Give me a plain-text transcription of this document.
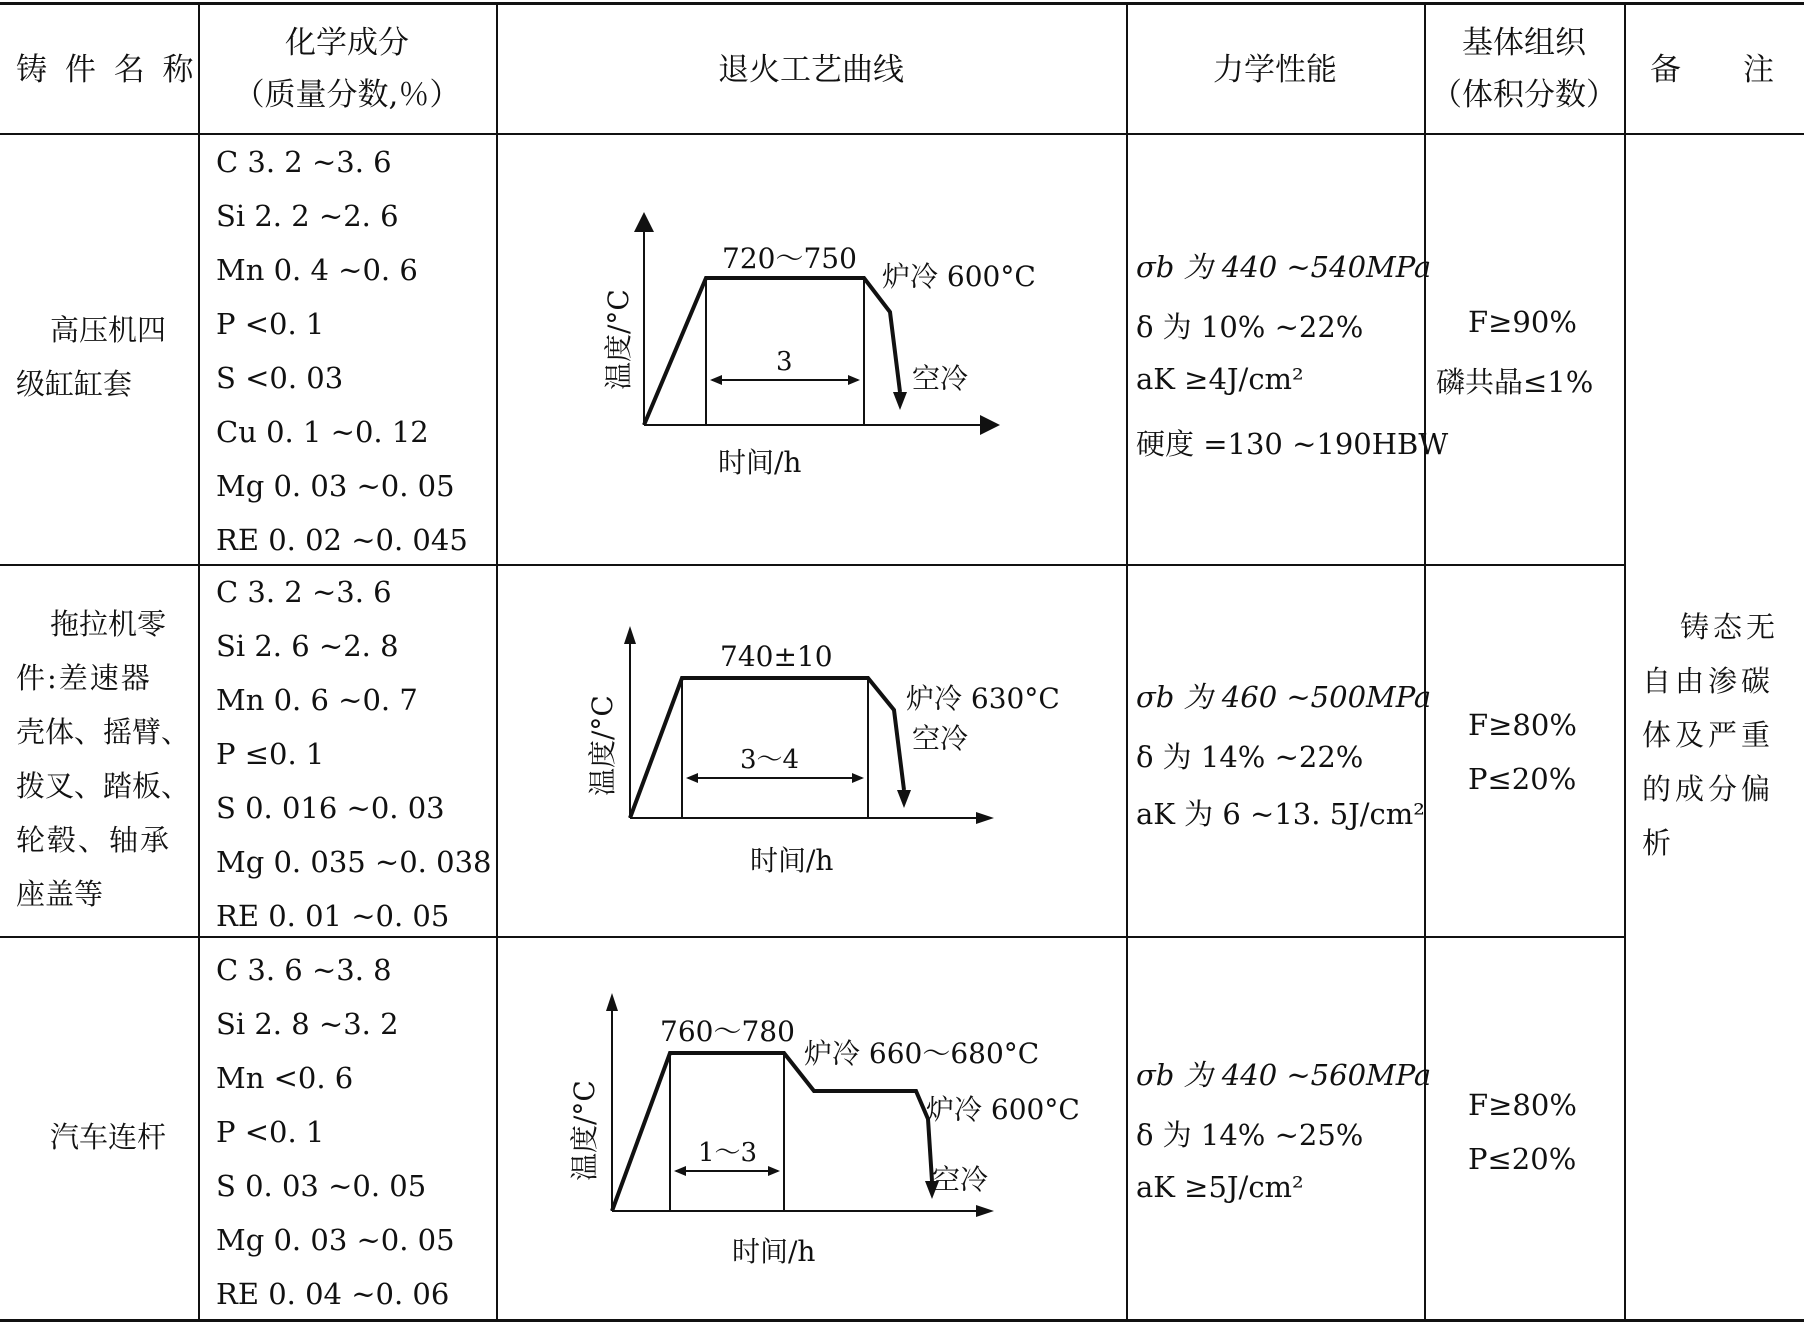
铸 件 名 称
化学成分
（质量分数,％）
退火工艺曲线	力学性能
基体组织
（体积分数）
备　　注
高压机四
级缸缸套
C 3. 2 ~3. 6
Si 2. 2 ~2. 6
Mn 0. 4 ~0. 6
P <0. 1
S <0. 03
Cu 0. 1 ~0. 12
Mg 0. 03 ~0. 05
RE 0. 02 ~0. 045
720～750
炉冷 600°C
空冷
3
时间/h
温度/°C
σb 为 440 ~540MPa
δ 为 10% ~22%
aK ≥4J/cm²
硬度 =130 ~190HBW
F≥90%
磷共晶≤1%
拖拉机零
件:差速器
壳体、摇臂、
拨叉、踏板、
轮毂、轴承
座盖等
C 3. 2 ~3. 6
Si 2. 6 ~2. 8
Mn 0. 6 ~0. 7
P ≤0. 1
S 0. 016 ~0. 03
Mg 0. 035 ~0. 038
RE 0. 01 ~0. 05
740±10
炉冷 630°C
空冷
3～4
时间/h
温度/°C	σb 为 460 ~500MPa
δ 为 14% ~22%
aK 为 6 ~13. 5J/cm²
F≥80%
P≤20%
汽车连杆
C 3. 6 ~3. 8
Si 2. 8 ~3. 2
Mn <0. 6
P <0. 1
S 0. 03 ~0. 05
Mg 0. 03 ~0. 05
RE 0. 04 ~0. 06
760～780
炉冷 660～680°C
炉冷 600°C
空冷
1～3
时间/h
温度/°C
σb 为 440 ~560MPa
δ 为 14% ~25%
aK ≥5J/cm²
F≥80%
P≤20%
铸态无
自由渗碳
体及严重
的成分偏
析
